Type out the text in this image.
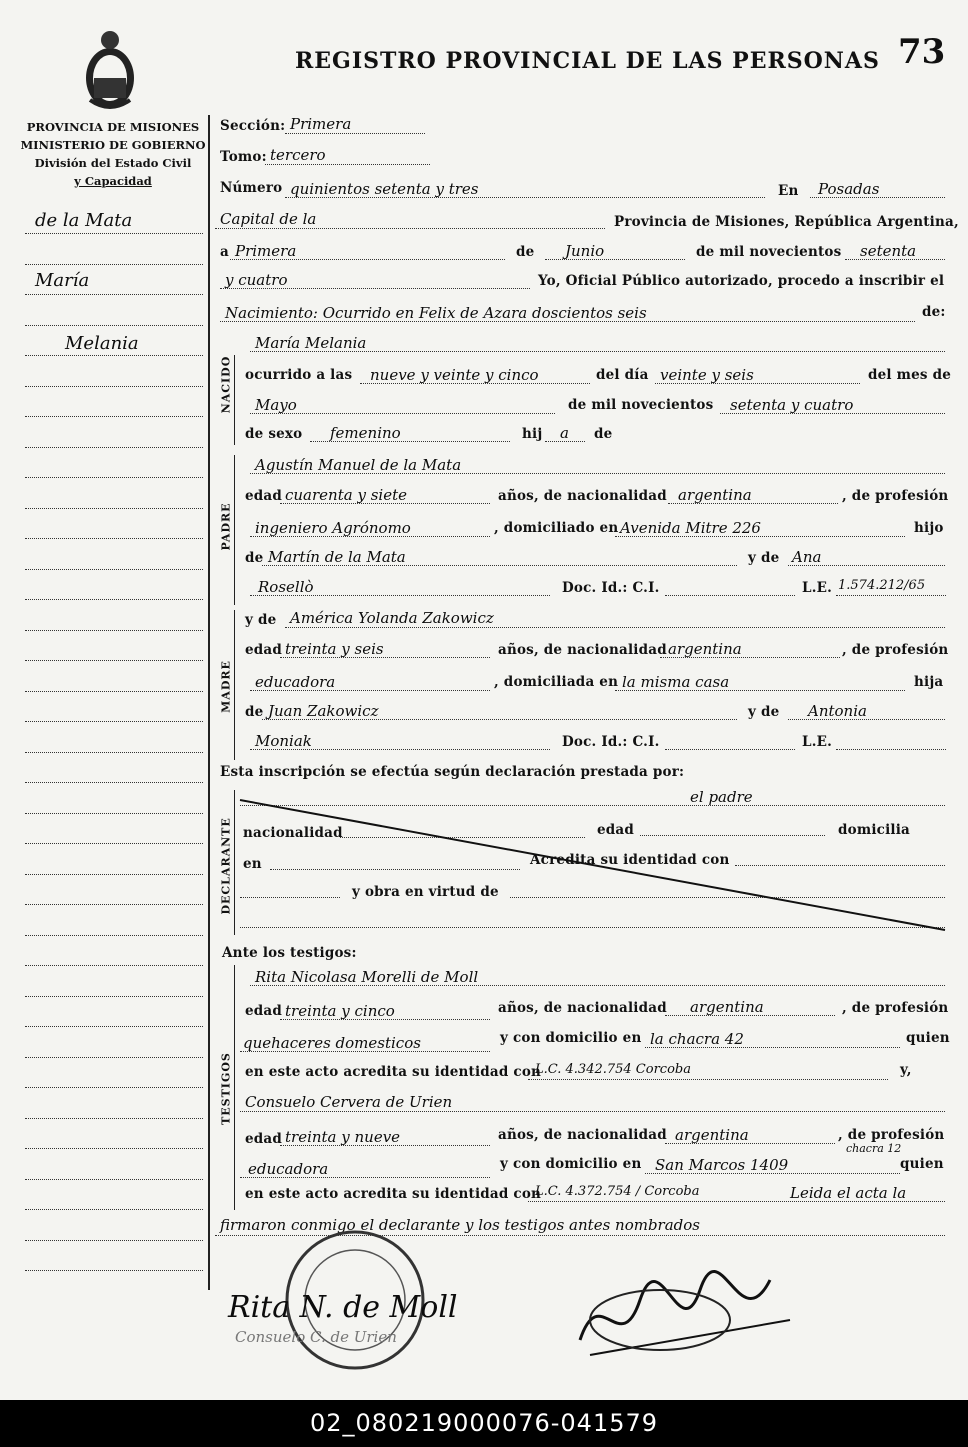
REGISTRO PROVINCIAL DE LAS PERSONAS 73
PROVINCIA DE MISIONES
MINISTERIO DE GOBIERNO
División del Estado Civil
y Capacidad
de la Mata
María
Melania
Sección: Primera
Tomo: tercero
Número quinientos setenta y tres	En Posadas
Capital de la	Provincia de Misiones, República Argentina,
a Primera	de Junio	de mil novecientos setenta
y cuatro	Yo, Oficial Público autorizado, procedo a inscribir el
Nacimiento: Ocurrido en Felix de Azara doscientos seis	de:
NACIDO
María Melania
ocurrido a las nueve y veinte y cinco	del día veinte y seis	del mes de
Mayo	de mil novecientos setenta y cuatro
de sexo femenino	hij a de
PADRE
Agustín Manuel de la Mata
edad cuarenta y siete	años, de nacionalidad argentina	, de profesión
ingeniero Agrónomo	, domiciliado en Avenida Mitre 226	hijo
de Martín de la Mata	y de Ana
Rosellò	Doc. Id.: C.I.	L.E. 1.574.212/65
MADRE
y de América Yolanda Zakowicz
edad treinta y seis	años, de nacionalidad argentina	, de profesión
educadora	, domiciliada en la misma casa	hija
de Juan Zakowicz	y de Antonia
Moniak	Doc. Id.: C.I.	L.E.
Esta inscripción se efectúa según declaración prestada por:
DECLARANTE
el padre
nacionalidad	edad	domicilia
en	Acredita su identidad con
y obra en virtud de
Ante los testigos:
TESTIGOS
Rita Nicolasa Morelli de Moll
edad treinta y cinco	años, de nacionalidad argentina	, de profesión
quehaceres domesticos	y con domicilio en la chacra 42	quien
en este acto acredita su identidad con
L.C. 4.342.754 Corcoba	y,
Consuelo Cervera de Urien
edad treinta y nueve	años, de nacionalidad argentina	, de profesión
educadora	y con domicilio en San Marcos 1409
chacra 12
quien
en este acto acredita su identidad con
L.C. 4.372.754 / Corcoba	Leida el acta la
firmaron conmigo el declarante y los testigos antes nombrados
Rita N. de Moll
Consuelo C. de Urien
02_080219000076-041579
